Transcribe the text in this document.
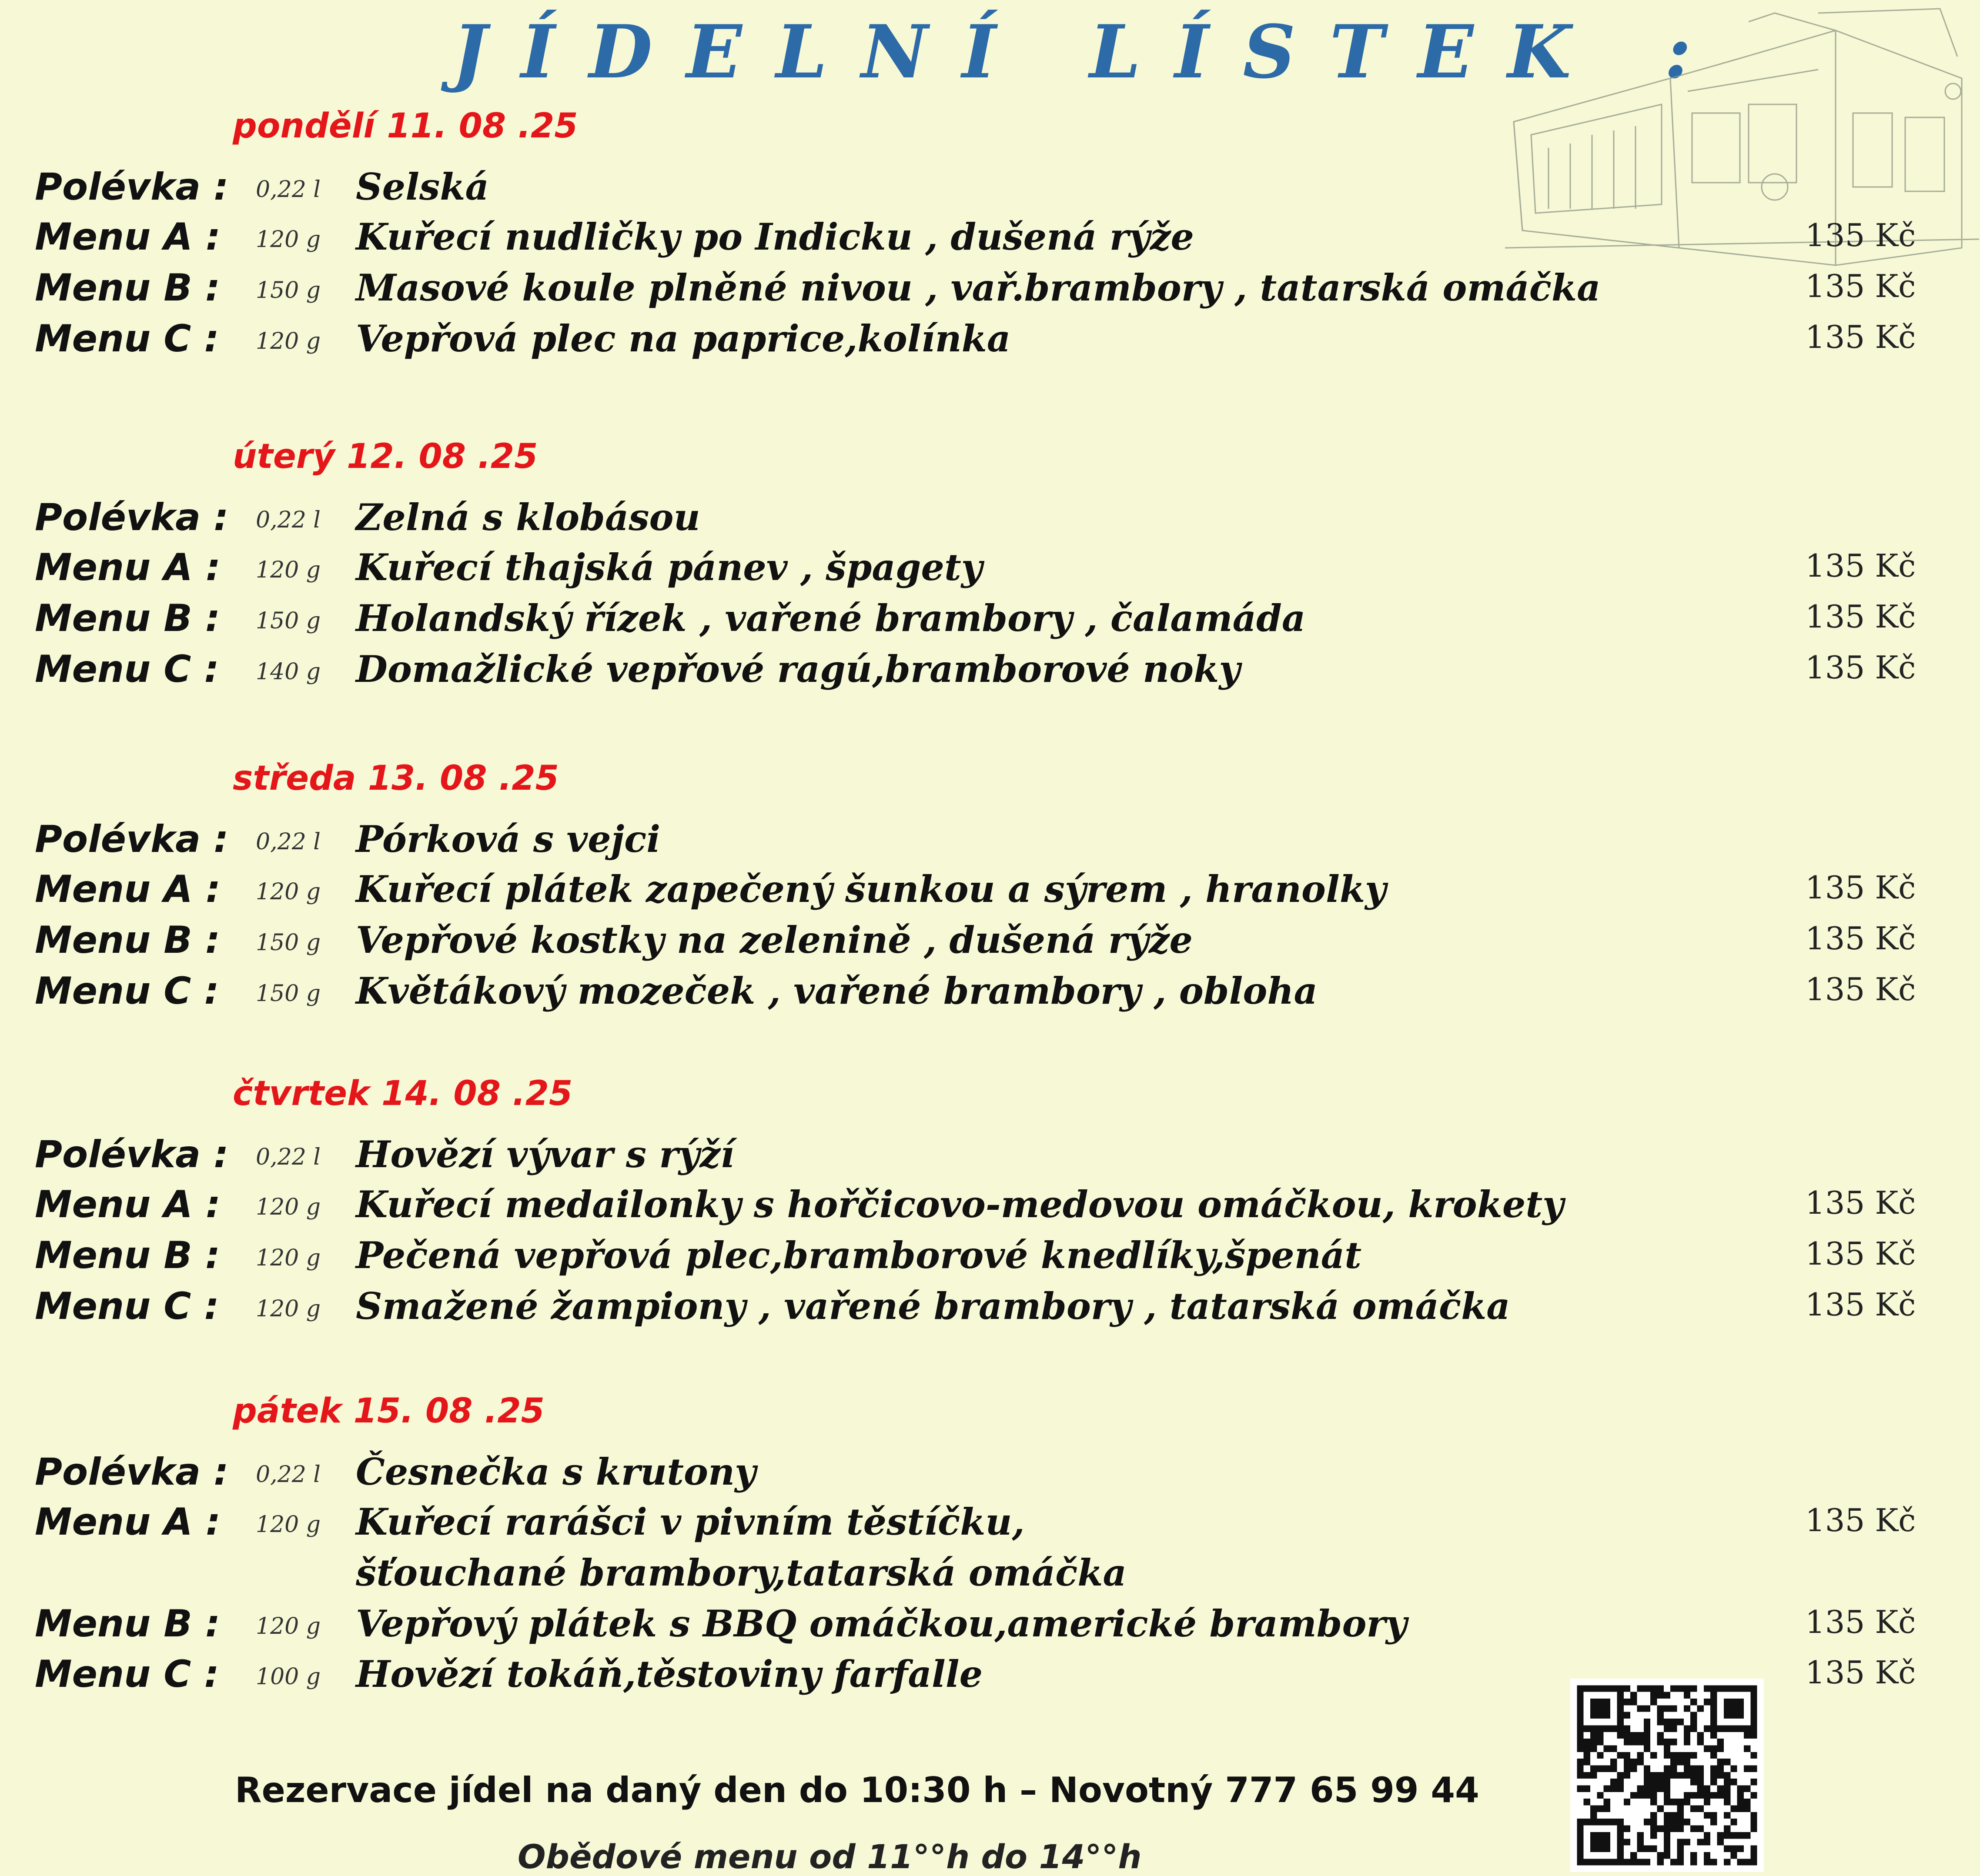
JÍDELNÍ LÍSTEK :
pondělí 11. 08 .25
Polévka : 0,22 l Selská
Menu A : 120 g Kuřecí nudličky po Indicku , dušená rýže	135 Kč
Menu B : 150 g Masové koule plněné nivou , vař.brambory , tatarská omáčka	135 Kč
Menu C : 120 g Vepřová plec na paprice,kolínka	135 Kč
úterý 12. 08 .25
Polévka : 0,22 l Zelná s klobásou
Menu A : 120 g Kuřecí thajská pánev , špagety	135 Kč
Menu B : 150 g Holandský řízek , vařené brambory , čalamáda	135 Kč
Menu C : 140 g Domažlické vepřové ragú,bramborové noky	135 Kč
středa 13. 08 .25
Polévka : 0,22 l Pórková s vejci
Menu A : 120 g Kuřecí plátek zapečený šunkou a sýrem , hranolky	135 Kč
Menu B : 150 g Vepřové kostky na zelenině , dušená rýže	135 Kč
Menu C : 150 g Květákový mozeček , vařené brambory , obloha	135 Kč
čtvrtek 14. 08 .25
Polévka : 0,22 l Hovězí vývar s rýží
Menu A : 120 g Kuřecí medailonky s hořčicovo-medovou omáčkou, krokety	135 Kč
Menu B : 120 g Pečená vepřová plec,bramborové knedlíky,špenát	135 Kč
Menu C : 120 g Smažené žampiony , vařené brambory , tatarská omáčka	135 Kč
pátek 15. 08 .25
Polévka : 0,22 l Česnečka s krutony
Menu A : 120 g Kuřecí rarášci v pivním těstíčku,	135 Kč
šťouchané brambory,tatarská omáčka
Menu B : 120 g Vepřový plátek s BBQ omáčkou,americké brambory	135 Kč
Menu C : 100 g Hovězí tokáň,těstoviny farfalle	135 Kč
Rezervace jídel na daný den do 10:30 h – Novotný 777 65 99 44
Obědové menu od 11°°h do 14°°h
